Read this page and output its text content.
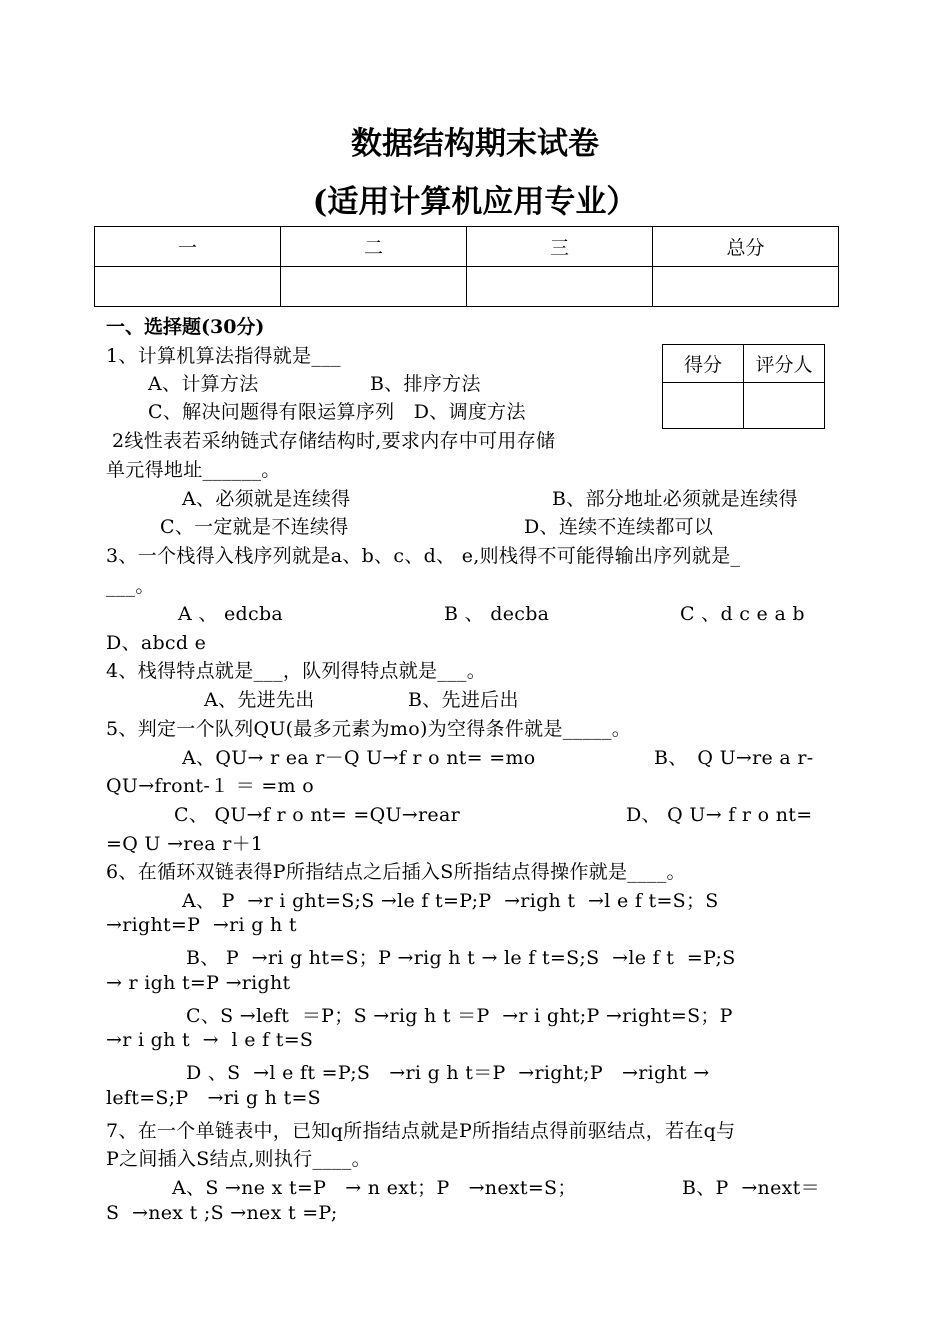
数据结构期末试卷
(适用计算机应用专业）
一	二	三	总分

得分	评分人

一、选择题(30分)
1、计算机算法指得就是___
A、计算方法	B、排序方法
C、解决问题得有限运算序列　D、调度方法
2线性表若采纳链式存储结构时,要求内存中可用存储
单元得地址______。
A、必须就是连续得	B、部分地址必须就是连续得
C、一定就是不连续得	D、连续不连续都可以
3、一个栈得入栈序列就是a、b、c、d、 e,则栈得不可能得输出序列就是_
___。
A 、 edcba	B 、 decba	C 、d c e a b
D、abcd e
4、栈得特点就是___，队列得特点就是___。
A、先进先出	B、先进后出
5、判定一个队列QU(最多元素为mo)为空得条件就是_____。
A、QU→ r ea r－Q U→f r o nt= =mo	B、　Q U→re a r-
QU→front-１ ＝ =m o
C、 QU→f r o nt= =QU→rear	D、 Q U→ f r o nt=
=Q U →rea r＋1
6、在循环双链表得P所指结点之后插入S所指结点得操作就是____。
A、 P  →r i ght=S;S →le f t=P;P  →righ t  →l e f t=S；S
→right=P  →ri g h t
B、 P  →ri g ht=S；P →rig h t → le f t=S;S  →le f t  =P;S
→ r igh t=P →right
C、S →left  ＝P；S →rig h t ＝P  →r i ght;P →right=S；P
→r i gh t  →  l e f t=S
D 、S  →l e ft =P;S   →ri g h t＝P  →right;P   →right →
left=S;P   →ri g h t=S
7、在一个单链表中，已知q所指结点就是P所指结点得前驱结点，若在q与
P之间插入S结点,则执行____。
A、S →ne x t=P   → n ext；P   →next=S；	B、P  →next＝
S  →nex t ;S →nex t =P;
